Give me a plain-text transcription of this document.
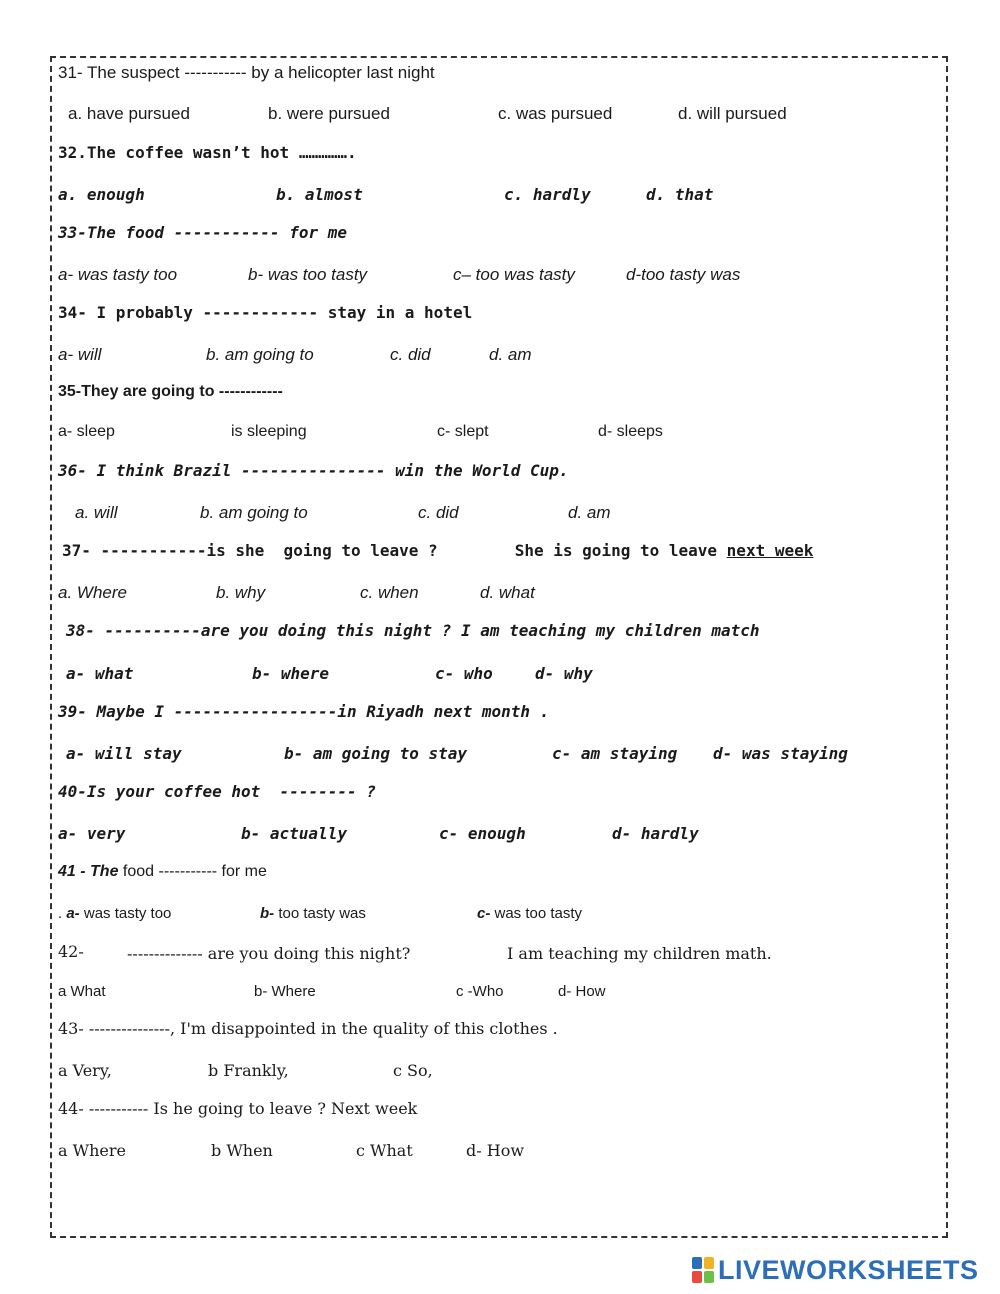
31- The suspect ----------- by a helicopter last night
a. have pursued	b. were pursued	c. was pursued	d. will pursued
32.The coffee wasn’t hot …………….
a. enough	b. almost	c. hardly	d. that
33-The food ----------- for me
a- was tasty too	b- was too tasty	c– too was tasty	d-too tasty was
34- I probably ------------ stay in a hotel
a- will	b. am going to	c. did	d. am
35-They are going to ------------
a- sleep	is sleeping	c- slept	d- sleeps
36- I think Brazil --------------- win the World Cup.
a. will	b. am going to	c. did	d. am
37- -----------is she  going to leave ?        She is going to leave next week
a. Where	b. why	c. when	d. what
38- ----------are you doing this night ? I am teaching my children match
a- what	b- where	c- who	d- why
39- Maybe I -----------------in Riyadh next month .
a- will stay	b- am going to stay	c- am staying d- was staying
40-Is your coffee hot  -------- ?
a- very	b- actually	c- enough	d- hardly
41 - The food ----------- for me
. a- was tasty too	b- too tasty was	c- was too tasty
42-	-------------- are you doing this night?	I am teaching my children math.
a What	b- Where	c -Who	d- How
43- ---------------, I'm disappointed in the quality of this clothes .
a Very,	b Frankly,	c So,
44- ----------- Is he going to leave ? Next week
a Where	b When	c What	d- How
LIVEWORKSHEETS
